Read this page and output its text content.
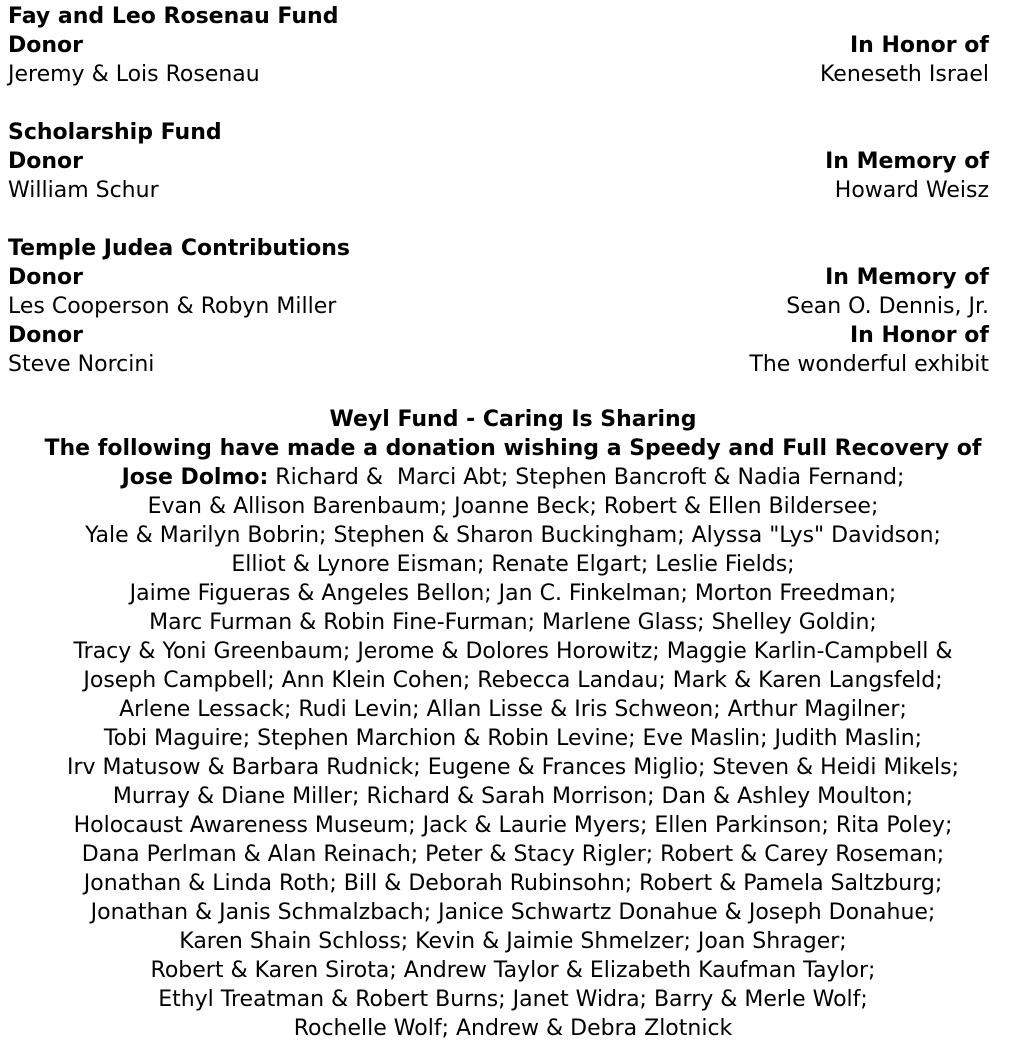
Fay and Leo Rosenau Fund
Donor	In Honor of
Jeremy & Lois Rosenau	Keneseth Israel
Scholarship Fund
Donor	In Memory of
William Schur	Howard Weisz
Temple Judea Contributions
Donor	In Memory of
Les Cooperson & Robyn Miller	Sean O. Dennis, Jr.
Donor	In Honor of
Steve Norcini	The wonderful exhibit
Weyl Fund - Caring Is Sharing
The following have made a donation wishing a Speedy and Full Recovery of
Jose Dolmo: Richard &  Marci Abt; Stephen Bancroft & Nadia Fernand;
Evan & Allison Barenbaum; Joanne Beck; Robert & Ellen Bildersee;
Yale & Marilyn Bobrin; Stephen & Sharon Buckingham; Alyssa "Lys" Davidson;
Elliot & Lynore Eisman; Renate Elgart; Leslie Fields;
Jaime Figueras & Angeles Bellon; Jan C. Finkelman; Morton Freedman;
Marc Furman & Robin Fine-Furman; Marlene Glass; Shelley Goldin;
Tracy & Yoni Greenbaum; Jerome & Dolores Horowitz; Maggie Karlin-Campbell &
Joseph Campbell; Ann Klein Cohen; Rebecca Landau; Mark & Karen Langsfeld;
Arlene Lessack; Rudi Levin; Allan Lisse & Iris Schweon; Arthur Magilner;
Tobi Maguire; Stephen Marchion & Robin Levine; Eve Maslin; Judith Maslin;
Irv Matusow & Barbara Rudnick; Eugene & Frances Miglio; Steven & Heidi Mikels;
Murray & Diane Miller; Richard & Sarah Morrison; Dan & Ashley Moulton;
Holocaust Awareness Museum; Jack & Laurie Myers; Ellen Parkinson; Rita Poley;
Dana Perlman & Alan Reinach; Peter & Stacy Rigler; Robert & Carey Roseman;
Jonathan & Linda Roth; Bill & Deborah Rubinsohn; Robert & Pamela Saltzburg;
Jonathan & Janis Schmalzbach; Janice Schwartz Donahue & Joseph Donahue;
Karen Shain Schloss; Kevin & Jaimie Shmelzer; Joan Shrager;
Robert & Karen Sirota; Andrew Taylor & Elizabeth Kaufman Taylor;
Ethyl Treatman & Robert Burns; Janet Widra; Barry & Merle Wolf;
Rochelle Wolf; Andrew & Debra Zlotnick
